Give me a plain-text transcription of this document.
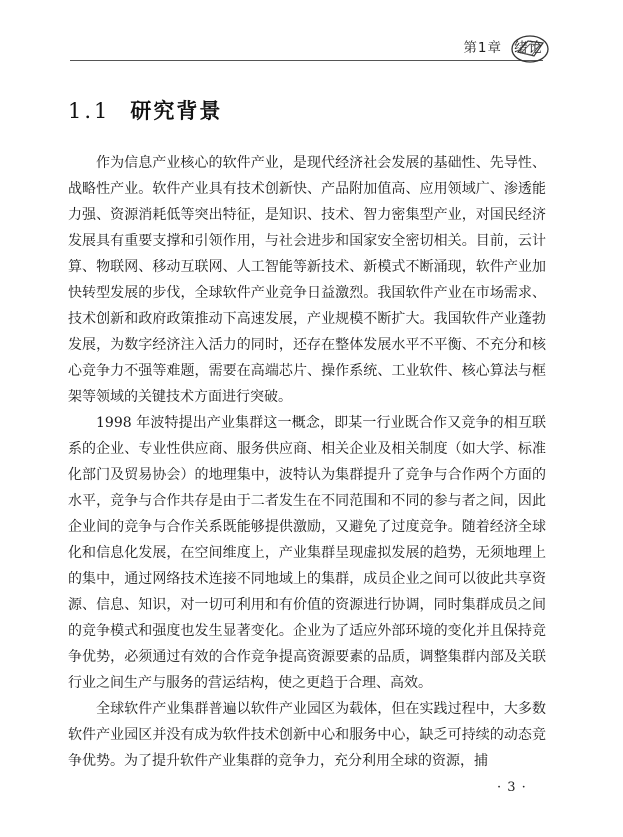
第1章 绪论
1.1 研究背景

作为信息产业核心的软件产业，是现代经济社会发展的基础性、先导性、战略性产业。软件产业具有技术创新快、产品附加值高、应用领域广、渗透能力强、资源消耗低等突出特征，是知识、技术、智力密集型产业，对国民经济发展具有重要支撑和引领作用，与社会进步和国家安全密切相关。目前，云计算、物联网、移动互联网、人工智能等新技术、新模式不断涌现，软件产业加快转型发展的步伐，全球软件产业竞争日益激烈。我国软件产业在市场需求、技术创新和政府政策推动下高速发展，产业规模不断扩大。我国软件产业蓬勃发展，为数字经济注入活力的同时，还存在整体发展水平不平衡、不充分和核心竞争力不强等难题，需要在高端芯片、操作系统、工业软件、核心算法与框架等领域的关键技术方面进行突破。

1998 年波特提出产业集群这一概念，即某一行业既合作又竞争的相互联系的企业、专业性供应商、服务供应商、相关企业及相关制度（如大学、标准化部门及贸易协会）的地理集中，波特认为集群提升了竞争与合作两个方面的水平，竞争与合作共存是由于二者发生在不同范围和不同的参与者之间，因此企业间的竞争与合作关系既能够提供激励，又避免了过度竞争。随着经济全球化和信息化发展，在空间维度上，产业集群呈现虚拟发展的趋势，无须地理上的集中，通过网络技术连接不同地域上的集群，成员企业之间可以彼此共享资源、信息、知识，对一切可利用和有价值的资源进行协调，同时集群成员之间的竞争模式和强度也发生显著变化。企业为了适应外部环境的变化并且保持竞争优势，必须通过有效的合作竞争提高资源要素的品质，调整集群内部及关联行业之间生产与服务的营运结构，使之更趋于合理、高效。

全球软件产业集群普遍以软件产业园区为载体，但在实践过程中，大多数软件产业园区并没有成为软件技术创新中心和服务中心，缺乏可持续的动态竞争优势。为了提升软件产业集群的竞争力，充分利用全球的资源，捕

· 3 ·
